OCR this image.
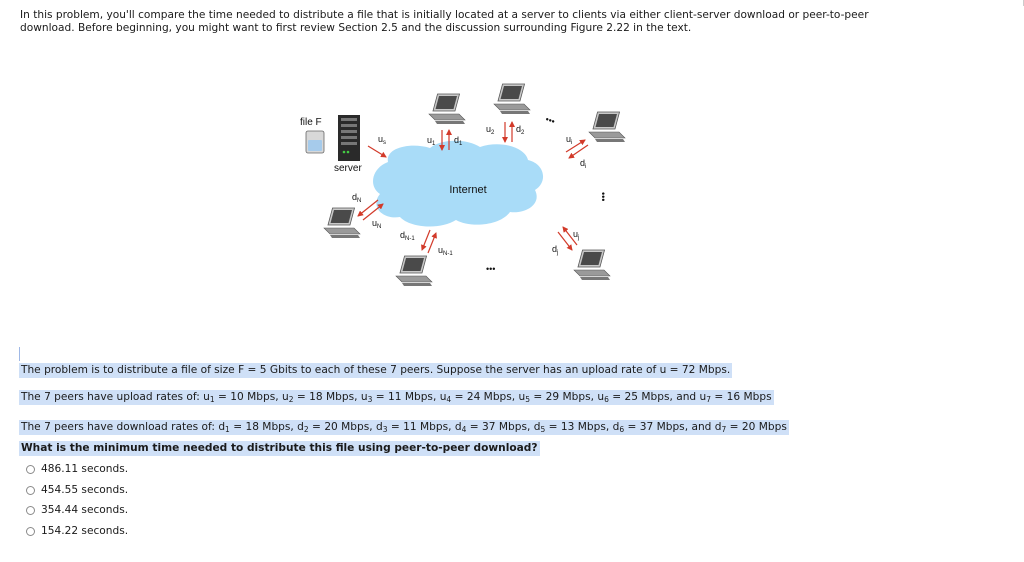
In this problem, you'll compare the time needed to distribute a file that is initially located at a server to clients via either client-server download or peer-to-peer
download. Before beginning, you might want to first review Section 2.5 and the discussion surrounding Figure 2.22 in the text.
Internet
file F
server
$u_s$	$u_1$ $d_1$
$u_2$ $d_2$
•••
$u_i$
$d_i$
•••
$d_N$
$u_N$
$d_{N-1}$
$u_{N-1}$
•••
$d_j$
$u_j$
The problem is to distribute a file of size F = 5 Gbits to each of these 7 peers. Suppose the server has an upload rate of u = 72 Mbps.
The 7 peers have upload rates of: $u_1 = 10$ Mbps, $u_2 = 18$ Mbps, $u_3 = 11$ Mbps, $u_4 = 24$ Mbps, $u_5 = 29$ Mbps, $u_6 = 25$ Mbps, and $u_7 = 16$ Mbps
The 7 peers have download rates of: $d_1 = 18$ Mbps, $d_2 = 20$ Mbps, $d_3 = 11$ Mbps, $d_4 = 37$ Mbps, $d_5 = 13$ Mbps, $d_6 = 37$ Mbps, and $d_7 = 20$ Mbps
What is the minimum time needed to distribute this file using peer-to-peer download?
486.11 seconds.
454.55 seconds.
354.44 seconds.
154.22 seconds.
